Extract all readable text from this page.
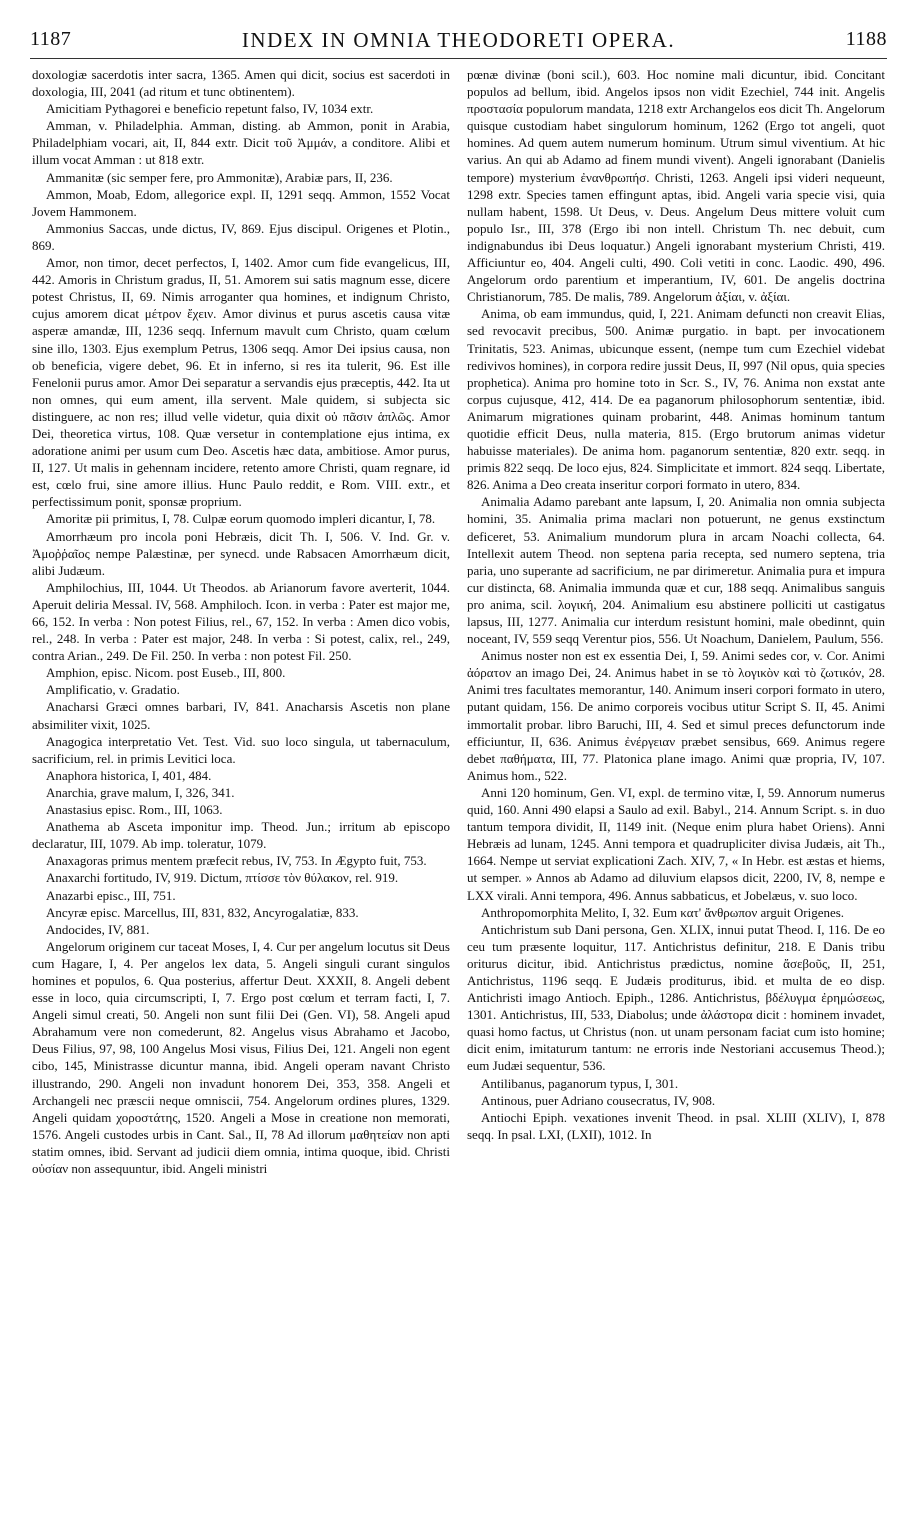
1187	INDEX IN OMNIA THEODORETI OPERA.	1188

doxologiæ sacerdotis inter sacra, 1365. Amen qui dicit, socius est sacerdoti in doxologia, III, 2041 (ad ritum et tunc obtinentem).

Amicitiam Pythagorei e beneficio repetunt falso, IV, 1034 extr.

Amman, v. Philadelphia. Amman, disting. ab Ammon, ponit in Arabia, Philadelphiam vocari, ait, II, 844 extr. Dicit τοῦ Ἀμμάν, a conditore. Alibi et illum vocat Amman : ut 818 extr.

Ammanitæ (sic semper fere, pro Ammonitæ), Arabiæ pars, II, 236.

Ammon, Moab, Edom, allegorice expl. II, 1291 seqq. Ammon, 1552 Vocat Jovem Hammonem.

Ammonius Saccas, unde dictus, IV, 869. Ejus discipul. Origenes et Plotin., 869.

Amor, non timor, decet perfectos, I, 1402. Amor cum fide evangelicus, III, 442. Amoris in Christum gradus, II, 51. Amorem sui satis magnum esse, dicere potest Christus, II, 69. Nimis arroganter qua homines, et indignum Christo, cujus amorem dicat μέτρον ἔχειν. Amor divinus et purus ascetis causa vitæ asperæ amandæ, III, 1236 seqq. Infernum mavult cum Christo, quam cœlum sine illo, 1303. Ejus exemplum Petrus, 1306 seqq. Amor Dei ipsius causa, non ob beneficia, vigere debet, 96. Et in inferno, si res ita tulerit, 96. Est ille Fenelonii purus amor. Amor Dei separatur a servandis ejus præceptis, 442. Ita ut non omnes, qui eum ament, illa servent. Male quidem, si subjecta sic distinguere, ac non res; illud velle videtur, quia dixit οὐ πᾶσιν ἁπλῶς. Amor Dei, theoretica virtus, 108. Quæ versetur in contemplatione ejus intima, ex adoratione animi per usum cum Deo. Ascetis hæc data, ambitiose. Amor purus, II, 127. Ut malis in gehennam incidere, retento amore Christi, quam regnare, id est, cœlo frui, sine amore illius. Hunc Paulo reddit, e Rom. VIII. extr., et perfectissimum ponit, sponsæ proprium.

Amoritæ pii primitus, I, 78. Culpæ eorum quomodo impleri dicantur, I, 78.

Amorrhæum pro incola poni Hebræis, dicit Th. I, 506. V. Ind. Gr. v. Ἀμοῤῥαῖος nempe Palæstinæ, per synecd. unde Rabsacen Amorrhæum dicit, alibi Judæum.

Amphilochius, III, 1044. Ut Theodos. ab Arianorum favore averterit, 1044. Aperuit deliria Messal. IV, 568. Amphiloch. Icon. in verba : Pater est major me, 66, 152. In verba : Non potest Filius, rel., 67, 152. In verba : Amen dico vobis, rel., 248. In verba : Pater est major, 248. In verba : Si potest, calix, rel., 249, contra Arian., 249. De Fil. 250. In verba : non potest Fil. 250.

Amphion, episc. Nicom. post Euseb., III, 800.

Amplificatio, v. Gradatio.

Anacharsi Græci omnes barbari, IV, 841. Anacharsis Ascetis non plane absimiliter vixit, 1025.

Anagogica interpretatio Vet. Test. Vid. suo loco singula, ut tabernaculum, sacrificium, rel. in primis Levitici loca.

Anaphora historica, I, 401, 484.

Anarchia, grave malum, I, 326, 341.

Anastasius episc. Rom., III, 1063.

Anathema ab Asceta imponitur imp. Theod. Jun.; irritum ab episcopo declaratur, III, 1079. Ab imp. toleratur, 1079.

Anaxagoras primus mentem præfecit rebus, IV, 753. In Ægypto fuit, 753.

Anaxarchi fortitudo, IV, 919. Dictum, πτίσσε τὸν θύλακον, rel. 919.

Anazarbi episc., III, 751.

Ancyræ episc. Marcellus, III, 831, 832, Ancyrogalatiæ, 833.

Andocides, IV, 881.

Angelorum originem cur taceat Moses, I, 4. Cur per angelum locutus sit Deus cum Hagare, I, 4. Per angelos lex data, 5. Angeli singuli curant singulos homines et populos, 6. Qua posterius, affertur Deut. XXXII, 8. Angeli debent esse in loco, quia circumscripti, I, 7. Ergo post cœlum et terram facti, I, 7. Angeli simul creati, 50. Angeli non sunt filii Dei (Gen. VI), 58. Angeli apud Abrahamum vere non comederunt, 82. Angelus visus Abrahamo et Jacobo, Deus Filius, 97, 98, 100 Angelus Mosi visus, Filius Dei, 121. Angeli non egent cibo, 145, Ministrasse dicuntur manna, ibid. Angeli operam navant Christo illustrando, 290. Angeli non invadunt honorem Dei, 353, 358. Angeli et Archangeli nec præscii neque omniscii, 754. Angelorum ordines plures, 1329. Angeli quidam χοροστάτης, 1520. Angeli a Mose in creatione non memorati, 1576. Angeli custodes urbis in Cant. Sal., II, 78 Ad illorum μαθητείαν non apti statim omnes, ibid. Servant ad judicii diem omnia, intima quoque, ibid. Christi οὐσίαν non assequuntur, ibid. Angeli ministri

pœnæ divinæ (boni scil.), 603. Hoc nomine mali dicuntur, ibid. Concitant populos ad bellum, ibid. Angelos ipsos non vidit Ezechiel, 744 init. Angelis προστασία populorum mandata, 1218 extr Archangelos eos dicit Th. Angelorum quisque custodiam habet singulorum hominum, 1262 (Ergo tot angeli, quot homines. Ad quem autem numerum hominum. Utrum simul viventium. At hic varius. An qui ab Adamo ad finem mundi vivent). Angeli ignorabant (Danielis tempore) mysterium ἐνανθρωπήσ. Christi, 1263. Angeli ipsi videri nequeunt, 1298 extr. Species tamen effingunt aptas, ibid. Angeli varia specie visi, quia nullam habent, 1598. Ut Deus, v. Deus. Angelum Deus mittere voluit cum populo Isr., III, 378 (Ergo ibi non intell. Christum Th. nec debuit, cum indignabundus ibi Deus loquatur.) Angeli ignorabant mysterium Christi, 419. Afficiuntur eo, 404. Angeli culti, 490. Coli vetiti in conc. Laodic. 490, 496. Angelorum ordo parentium et imperantium, IV, 601. De angelis doctrina Christianorum, 785. De malis, 789. Angelorum ἀξίαι, v. ἀξίαι.

Anima, ob eam immundus, quid, I, 221. Animam defuncti non creavit Elias, sed revocavit precibus, 500. Animæ purgatio. in bapt. per invocationem Trinitatis, 523. Animas, ubicunque essent, (nempe tum cum Ezechiel videbat redivivos homines), in corpora redire jussit Deus, II, 997 (Nil opus, quia species prophetica). Anima pro homine toto in Scr. S., IV, 76. Anima non exstat ante corpus cujusque, 412, 414. De ea paganorum philosophorum sententiæ, ibid. Animarum migrationes quinam probarint, 448. Animas hominum tantum quotidie efficit Deus, nulla materia, 815. (Ergo brutorum animas videtur habuisse materiales). De anima hom. paganorum sententiæ, 820 extr. seqq. in primis 822 seqq. De loco ejus, 824. Simplicitate et immort. 824 seqq. Libertate, 826. Anima a Deo creata inseritur corpori formato in utero, 834.

Animalia Adamo parebant ante lapsum, I, 20. Animalia non omnia subjecta homini, 35. Animalia prima maclari non potuerunt, ne genus exstinctum deficeret, 53. Animalium mundorum plura in arcam Noachi collecta, 64. Intellexit autem Theod. non septena paria recepta, sed numero septena, tria paria, uno superante ad sacrificium, ne par dirimeretur. Animalia pura et impura cur distincta, 68. Animalia immunda quæ et cur, 188 seqq. Animalibus sanguis pro anima, scil. λογική, 204. Animalium esu abstinere polliciti ut castigatus lapsus, III, 1277. Animalia cur interdum resistunt homini, male obedinnt, quin noceant, IV, 559 seqq Verentur pios, 556. Ut Noachum, Danielem, Paulum, 556.

Animus noster non est ex essentia Dei, I, 59. Animi sedes cor, v. Cor. Animi ἀόρατον an imago Dei, 24. Animus habet in se τὸ λογικὸν καὶ τὸ ζωτικόν, 28. Animi tres facultates memorantur, 140. Animum inseri corpori formato in utero, putant quidam, 156. De animo corporeis vocibus utitur Script S. II, 45. Animi immortalit probar. libro Baruchi, III, 4. Sed et simul preces defunctorum inde efficiuntur, II, 636. Animus ἐνέργειαν præbet sensibus, 669. Animus regere debet παθήματα, III, 77. Platonica plane imago. Animi quæ propria, IV, 107. Animus hom., 522.

Anni 120 hominum, Gen. VI, expl. de termino vitæ, I, 59. Annorum numerus quid, 160. Anni 490 elapsi a Saulo ad exil. Babyl., 214. Annum Script. s. in duo tantum tempora dividit, II, 1149 init. (Neque enim plura habet Oriens). Anni Hebræis ad lunam, 1245. Anni tempora et quadrupliciter divisa Judæis, ait Th., 1664. Nempe ut serviat explicationi Zach. XIV, 7, « In Hebr. est æstas et hiems, ut semper. » Annos ab Adamo ad diluvium elapsos dicit, 2200, IV, 8, nempe e LXX virali. Anni tempora, 496. Annus sabbaticus, et Jobelæus, v. suo loco.

Anthropomorphita Melito, I, 32. Eum κατ' ἄνθρωπον arguit Origenes.

Antichristum sub Dani persona, Gen. XLIX, innui putat Theod. I, 116. De eo ceu tum præsente loquitur, 117. Antichristus definitur, 218. E Danis tribu oriturus dicitur, ibid. Antichristus prædictus, nomine ἄσεβοῦς, II, 251, Antichristus, 1196 seqq. E Judæis proditurus, ibid. et multa de eo disp. Antichristi imago Antioch. Epiph., 1286. Antichristus, βδέλυγμα ἐρημώσεως, 1301. Antichristus, III, 533, Diabolus; unde ἀλάστορα dicit : hominem invadet, quasi homo factus, ut Christus (non. ut unam personam faciat cum isto homine; dicit enim, imitaturum tantum: ne erroris inde Nestoriani accusemus Theod.); eum Judæi sequentur, 536.

Antilibanus, paganorum typus, I, 301.

Antinous, puer Adriano cousecratus, IV, 908.

Antiochi Epiph. vexationes invenit Theod. in psal. XLIII (XLIV), I, 878 seqq. In psal. LXI, (LXII), 1012. In
